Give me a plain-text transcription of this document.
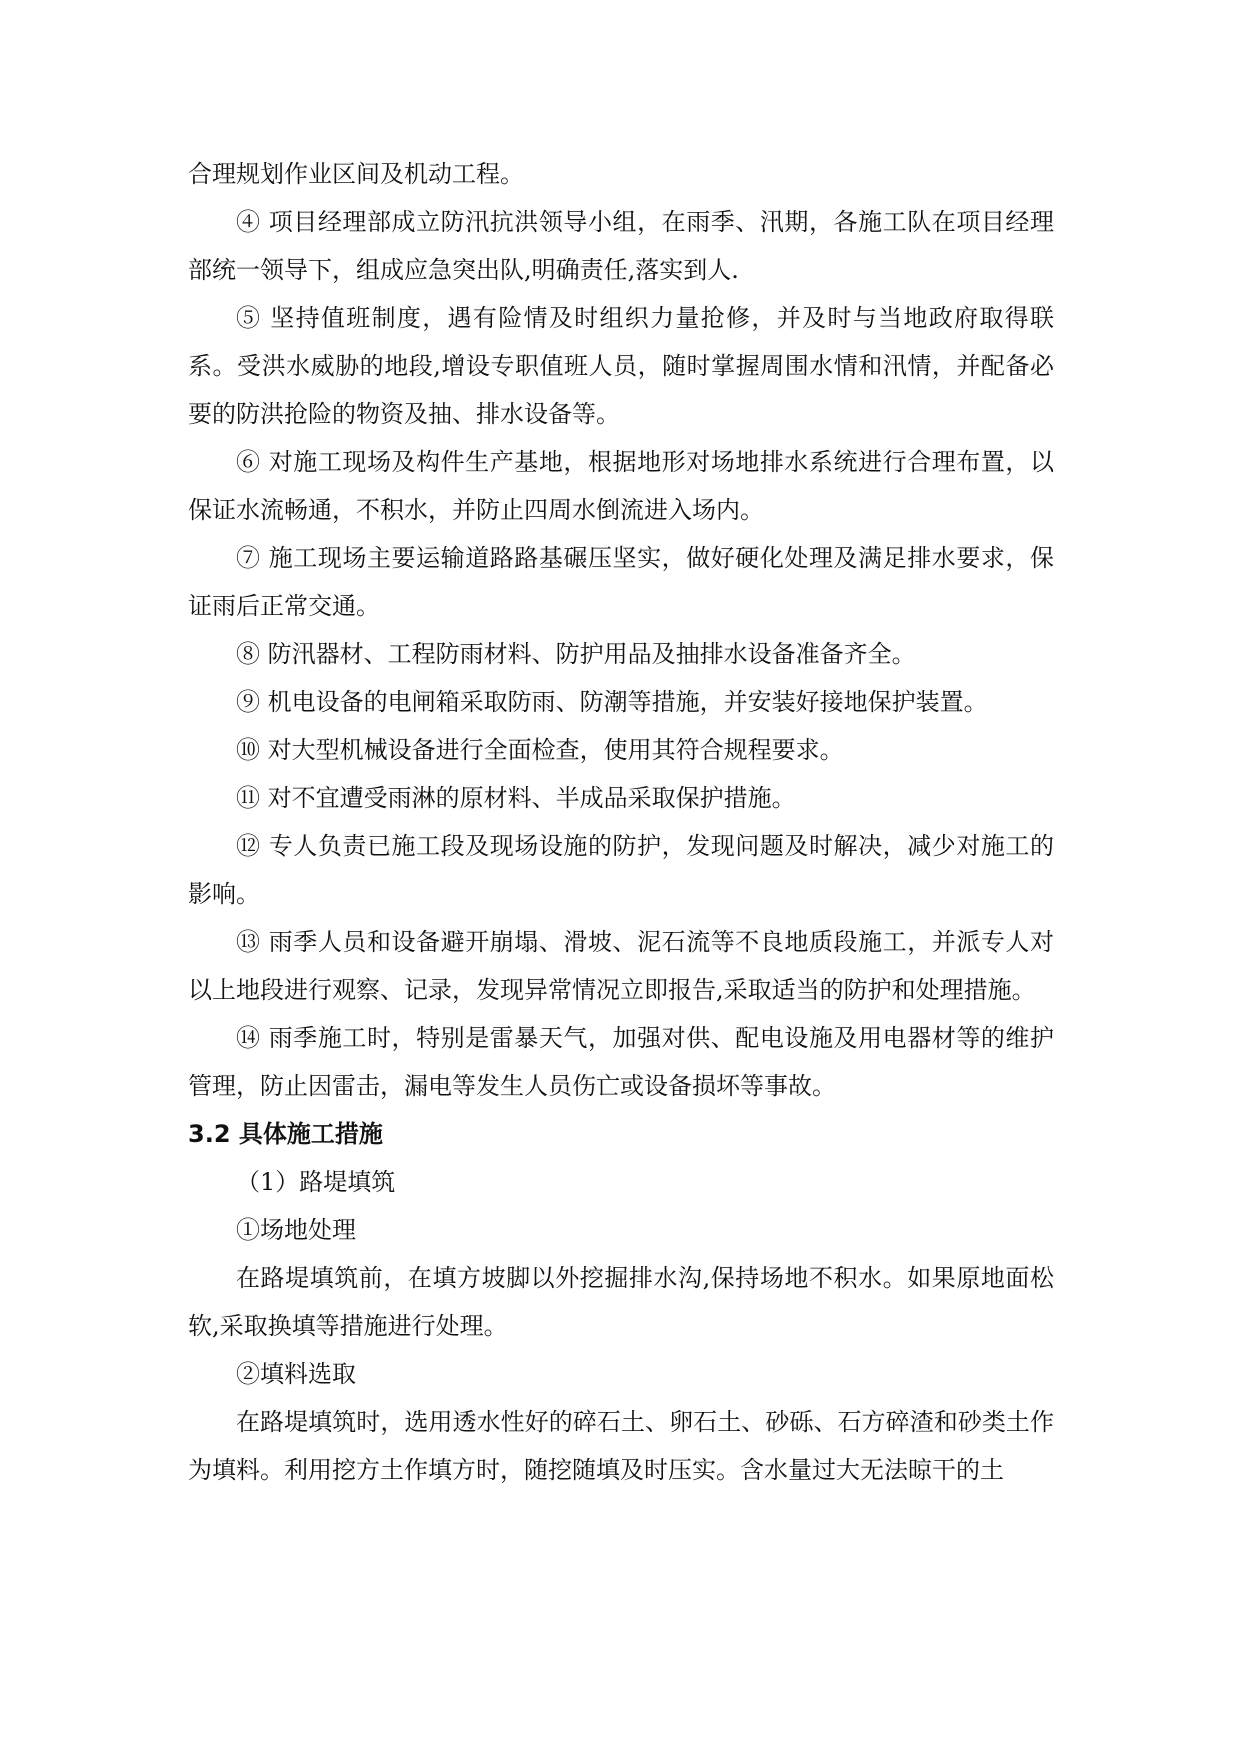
合理规划作业区间及机动工程。

④ 项目经理部成立防汛抗洪领导小组，在雨季、汛期，各施工队在项目经理部统一领导下，组成应急突出队,明确责任,落实到人.

⑤ 坚持值班制度，遇有险情及时组织力量抢修，并及时与当地政府取得联系。受洪水威胁的地段,增设专职值班人员，随时掌握周围水情和汛情，并配备必要的防洪抢险的物资及抽、排水设备等。

⑥ 对施工现场及构件生产基地，根据地形对场地排水系统进行合理布置，以保证水流畅通，不积水，并防止四周水倒流进入场内。

⑦ 施工现场主要运输道路路基碾压坚实，做好硬化处理及满足排水要求，保证雨后正常交通。

⑧ 防汛器材、工程防雨材料、防护用品及抽排水设备准备齐全。

⑨ 机电设备的电闸箱采取防雨、防潮等措施，并安装好接地保护装置。

⑩ 对大型机械设备进行全面检查，使用其符合规程要求。

⑪ 对不宜遭受雨淋的原材料、半成品采取保护措施。

⑫ 专人负责已施工段及现场设施的防护，发现问题及时解决，减少对施工的影响。

⑬ 雨季人员和设备避开崩塌、滑坡、泥石流等不良地质段施工，并派专人对以上地段进行观察、记录，发现异常情况立即报告,采取适当的防护和处理措施。

⑭ 雨季施工时，特别是雷暴天气，加强对供、配电设施及用电器材等的维护管理，防止因雷击，漏电等发生人员伤亡或设备损坏等事故。

3.2 具体施工措施

（1）路堤填筑

①场地处理

在路堤填筑前，在填方坡脚以外挖掘排水沟,保持场地不积水。如果原地面松软,采取换填等措施进行处理。

②填料选取

在路堤填筑时，选用透水性好的碎石土、卵石土、砂砾、石方碎渣和砂类土作为填料。利用挖方土作填方时，随挖随填及时压实。含水量过大无法晾干的土
